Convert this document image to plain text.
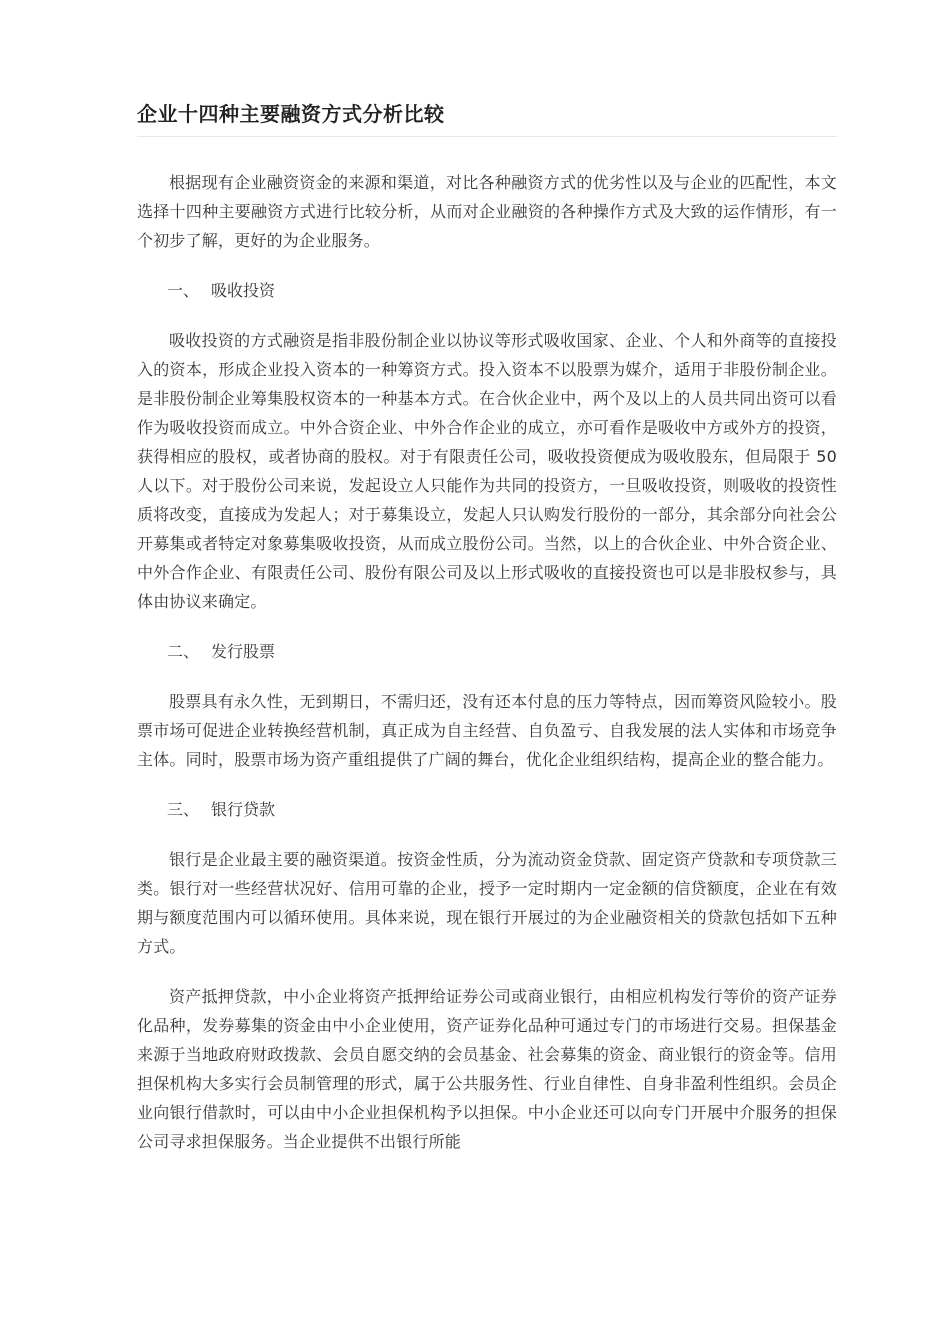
企业十四种主要融资方式分析比较

根据现有企业融资资金的来源和渠道，对比各种融资方式的优劣性以及与企业的匹配性，本文选择十四种主要融资方式进行比较分析，从而对企业融资的各种操作方式及大致的运作情形，有一个初步了解，更好的为企业服务。

一、 吸收投资

吸收投资的方式融资是指非股份制企业以协议等形式吸收国家、企业、个人和外商等的直接投入的资本，形成企业投入资本的一种筹资方式。投入资本不以股票为媒介，适用于非股份制企业。是非股份制企业筹集股权资本的一种基本方式。在合伙企业中，两个及以上的人员共同出资可以看作为吸收投资而成立。中外合资企业、中外合作企业的成立，亦可看作是吸收中方或外方的投资，获得相应的股权，或者协商的股权。对于有限责任公司，吸收投资便成为吸收股东，但局限于 50 人以下。对于股份公司来说，发起设立人只能作为共同的投资方，一旦吸收投资，则吸收的投资性质将改变，直接成为发起人；对于募集设立，发起人只认购发行股份的一部分，其余部分向社会公开募集或者特定对象募集吸收投资，从而成立股份公司。当然，以上的合伙企业、中外合资企业、中外合作企业、有限责任公司、股份有限公司及以上形式吸收的直接投资也可以是非股权参与，具体由协议来确定。

二、 发行股票

股票具有永久性，无到期日，不需归还，没有还本付息的压力等特点，因而筹资风险较小。股票市场可促进企业转换经营机制，真正成为自主经营、自负盈亏、自我发展的法人实体和市场竞争主体。同时，股票市场为资产重组提供了广阔的舞台，优化企业组织结构，提高企业的整合能力。

三、 银行贷款

银行是企业最主要的融资渠道。按资金性质，分为流动资金贷款、固定资产贷款和专项贷款三类。银行对一些经营状况好、信用可靠的企业，授予一定时期内一定金额的信贷额度，企业在有效期与额度范围内可以循环使用。具体来说，现在银行开展过的为企业融资相关的贷款包括如下五种方式。

资产抵押贷款，中小企业将资产抵押给证券公司或商业银行，由相应机构发行等价的资产证券化品种，发券募集的资金由中小企业使用，资产证券化品种可通过专门的市场进行交易。担保基金来源于当地政府财政拨款、会员自愿交纳的会员基金、社会募集的资金、商业银行的资金等。信用担保机构大多实行会员制管理的形式，属于公共服务性、行业自律性、自身非盈利性组织。会员企业向银行借款时，可以由中小企业担保机构予以担保。中小企业还可以向专门开展中介服务的担保公司寻求担保服务。当企业提供不出银行所能
